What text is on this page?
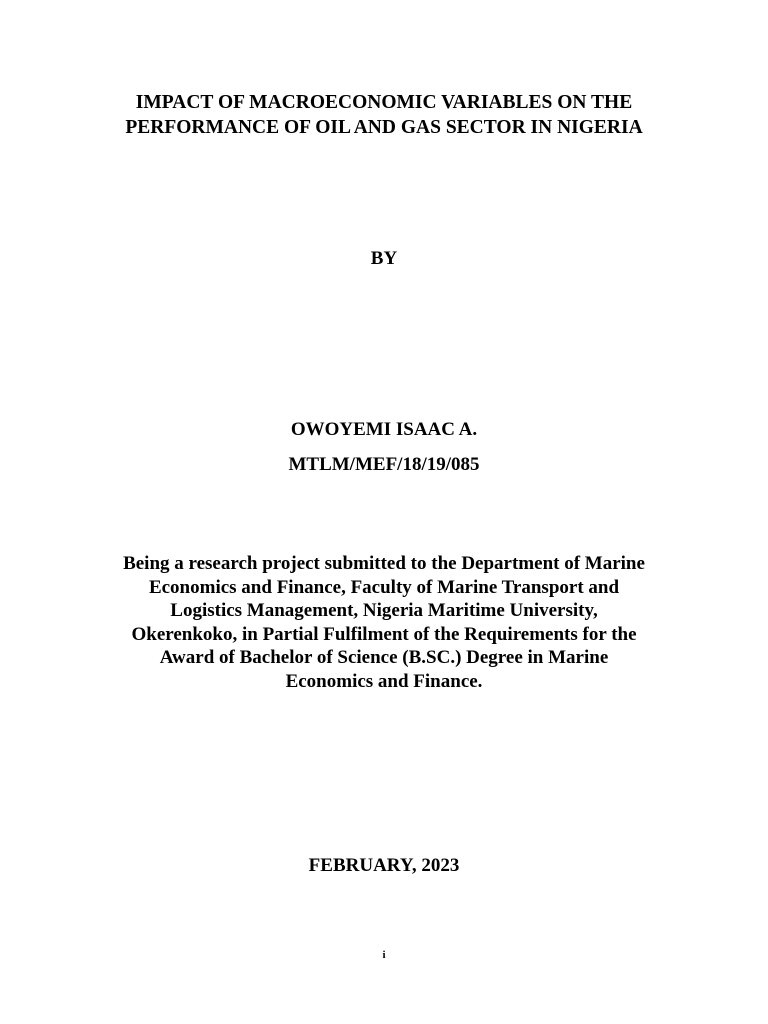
IMPACT OF MACROECONOMIC VARIABLES ON THE
PERFORMANCE OF OIL AND GAS SECTOR IN NIGERIA
BY
OWOYEMI ISAAC A.
MTLM/MEF/18/19/085
Being a research project submitted to the Department of Marine
Economics and Finance, Faculty of Marine Transport and
Logistics Management, Nigeria Maritime University,
Okerenkoko, in Partial Fulfilment of the Requirements for the
Award of Bachelor of Science (B.SC.) Degree in Marine
Economics and Finance.
FEBRUARY, 2023
i
